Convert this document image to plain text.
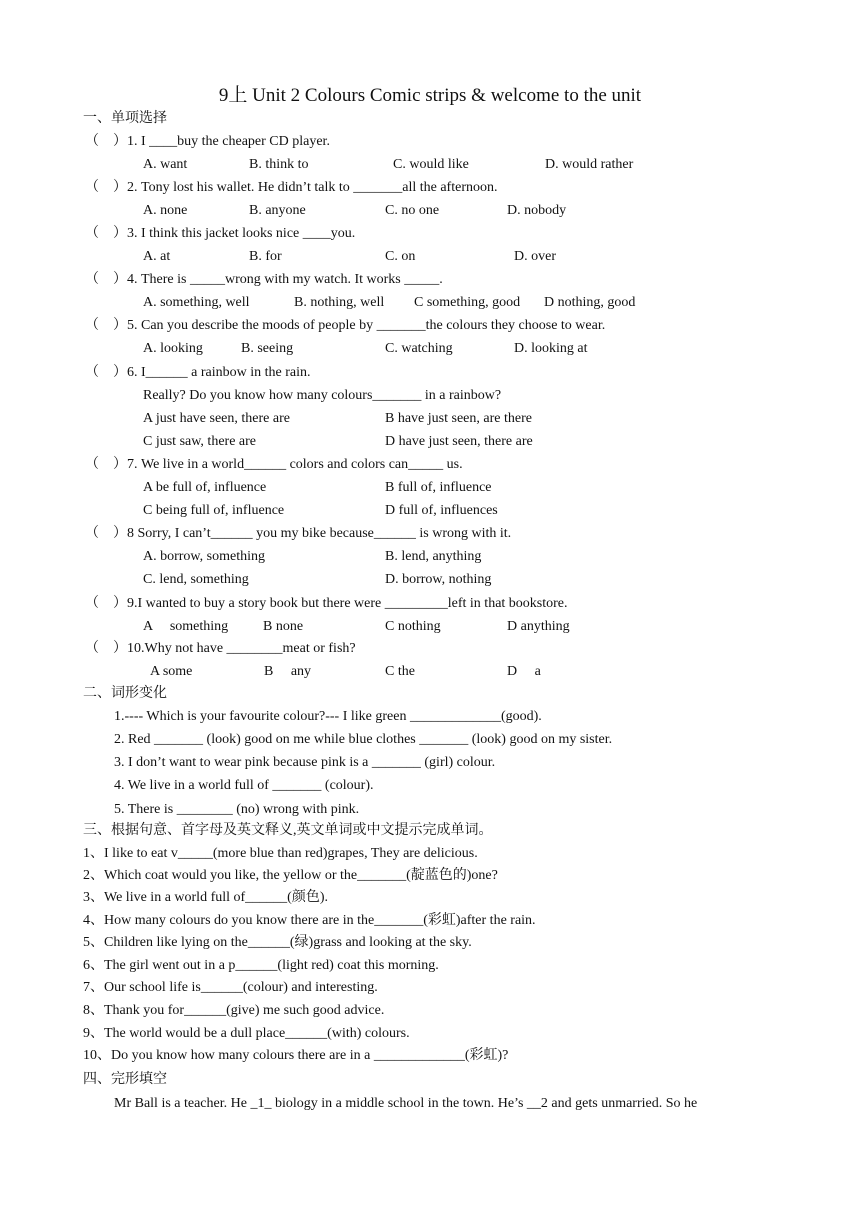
9上 Unit 2 Colours Comic strips & welcome to the unit
一、单项选择
（　）1. I ____buy the cheaper CD player.
A. want	B. think to	C. would like	D. would rather
（　）2. Tony lost his wallet. He didn’t talk to _______all the afternoon.
A. none	B. anyone	C. no one	D. nobody
（　）3. I think this jacket looks nice ____you.
A. at	B. for	C. on	D. over
（　）4. There is _____wrong with my watch. It works _____.
A. something, well	B. nothing, well C something, good D nothing, good
（　）5. Can you describe the moods of people by _______the colours they choose to wear.
A. looking	B. seeing	C. watching	D. looking at
（　）6. I______ a rainbow in the rain.
Really? Do you know how many colours_______ in a rainbow?
A just have seen, there are	B have just seen, are there
C just saw, there are	D have just seen, there are
（　）7. We live in a world______ colors and colors can_____ us.
A be full of, influence	B full of, influence
C being full of, influence	D full of, influences
（　）8 Sorry, I can’t______ you my bike because______ is wrong with it.
A. borrow, something	B. lend, anything
C. lend, something	D. borrow, nothing
（　）9.I wanted to buy a story book but there were _________left in that bookstore.
A　 something B none	C nothing	D anything
（　）10.Why not have ________meat or fish?
A some	B　 any	C the	D　 a
二、词形变化
1.---- Which is your favourite colour?--- I like green _____________(good).
2. Red _______ (look) good on me while blue clothes _______ (look) good on my sister.
3. I don’t want to wear pink because pink is a _______ (girl) colour.
4. We live in a world full of _______ (colour).
5. There is ________ (no) wrong with pink.
三、根据句意、首字母及英文释义,英文单词或中文提示完成单词。
1、I like to eat v_____(more blue than red)grapes, They are delicious.
2、Which coat would you like, the yellow or the_______(靛蓝色的)one?
3、We live in a world full of______(颜色).
4、How many colours do you know there are in the_______(彩虹)after the rain.
5、Children like lying on the______(绿)grass and looking at the sky.
6、The girl went out in a p______(light red) coat this morning.
7、Our school life is______(colour) and interesting.
8、Thank you for______(give) me such good advice.
9、The world would be a dull place______(with) colours.
10、Do you know how many colours there are in a _____________(彩虹)?
四、完形填空
Mr Ball is a teacher. He _1_ biology in a middle school in the town. He’s __2 and gets unmarried. So he
